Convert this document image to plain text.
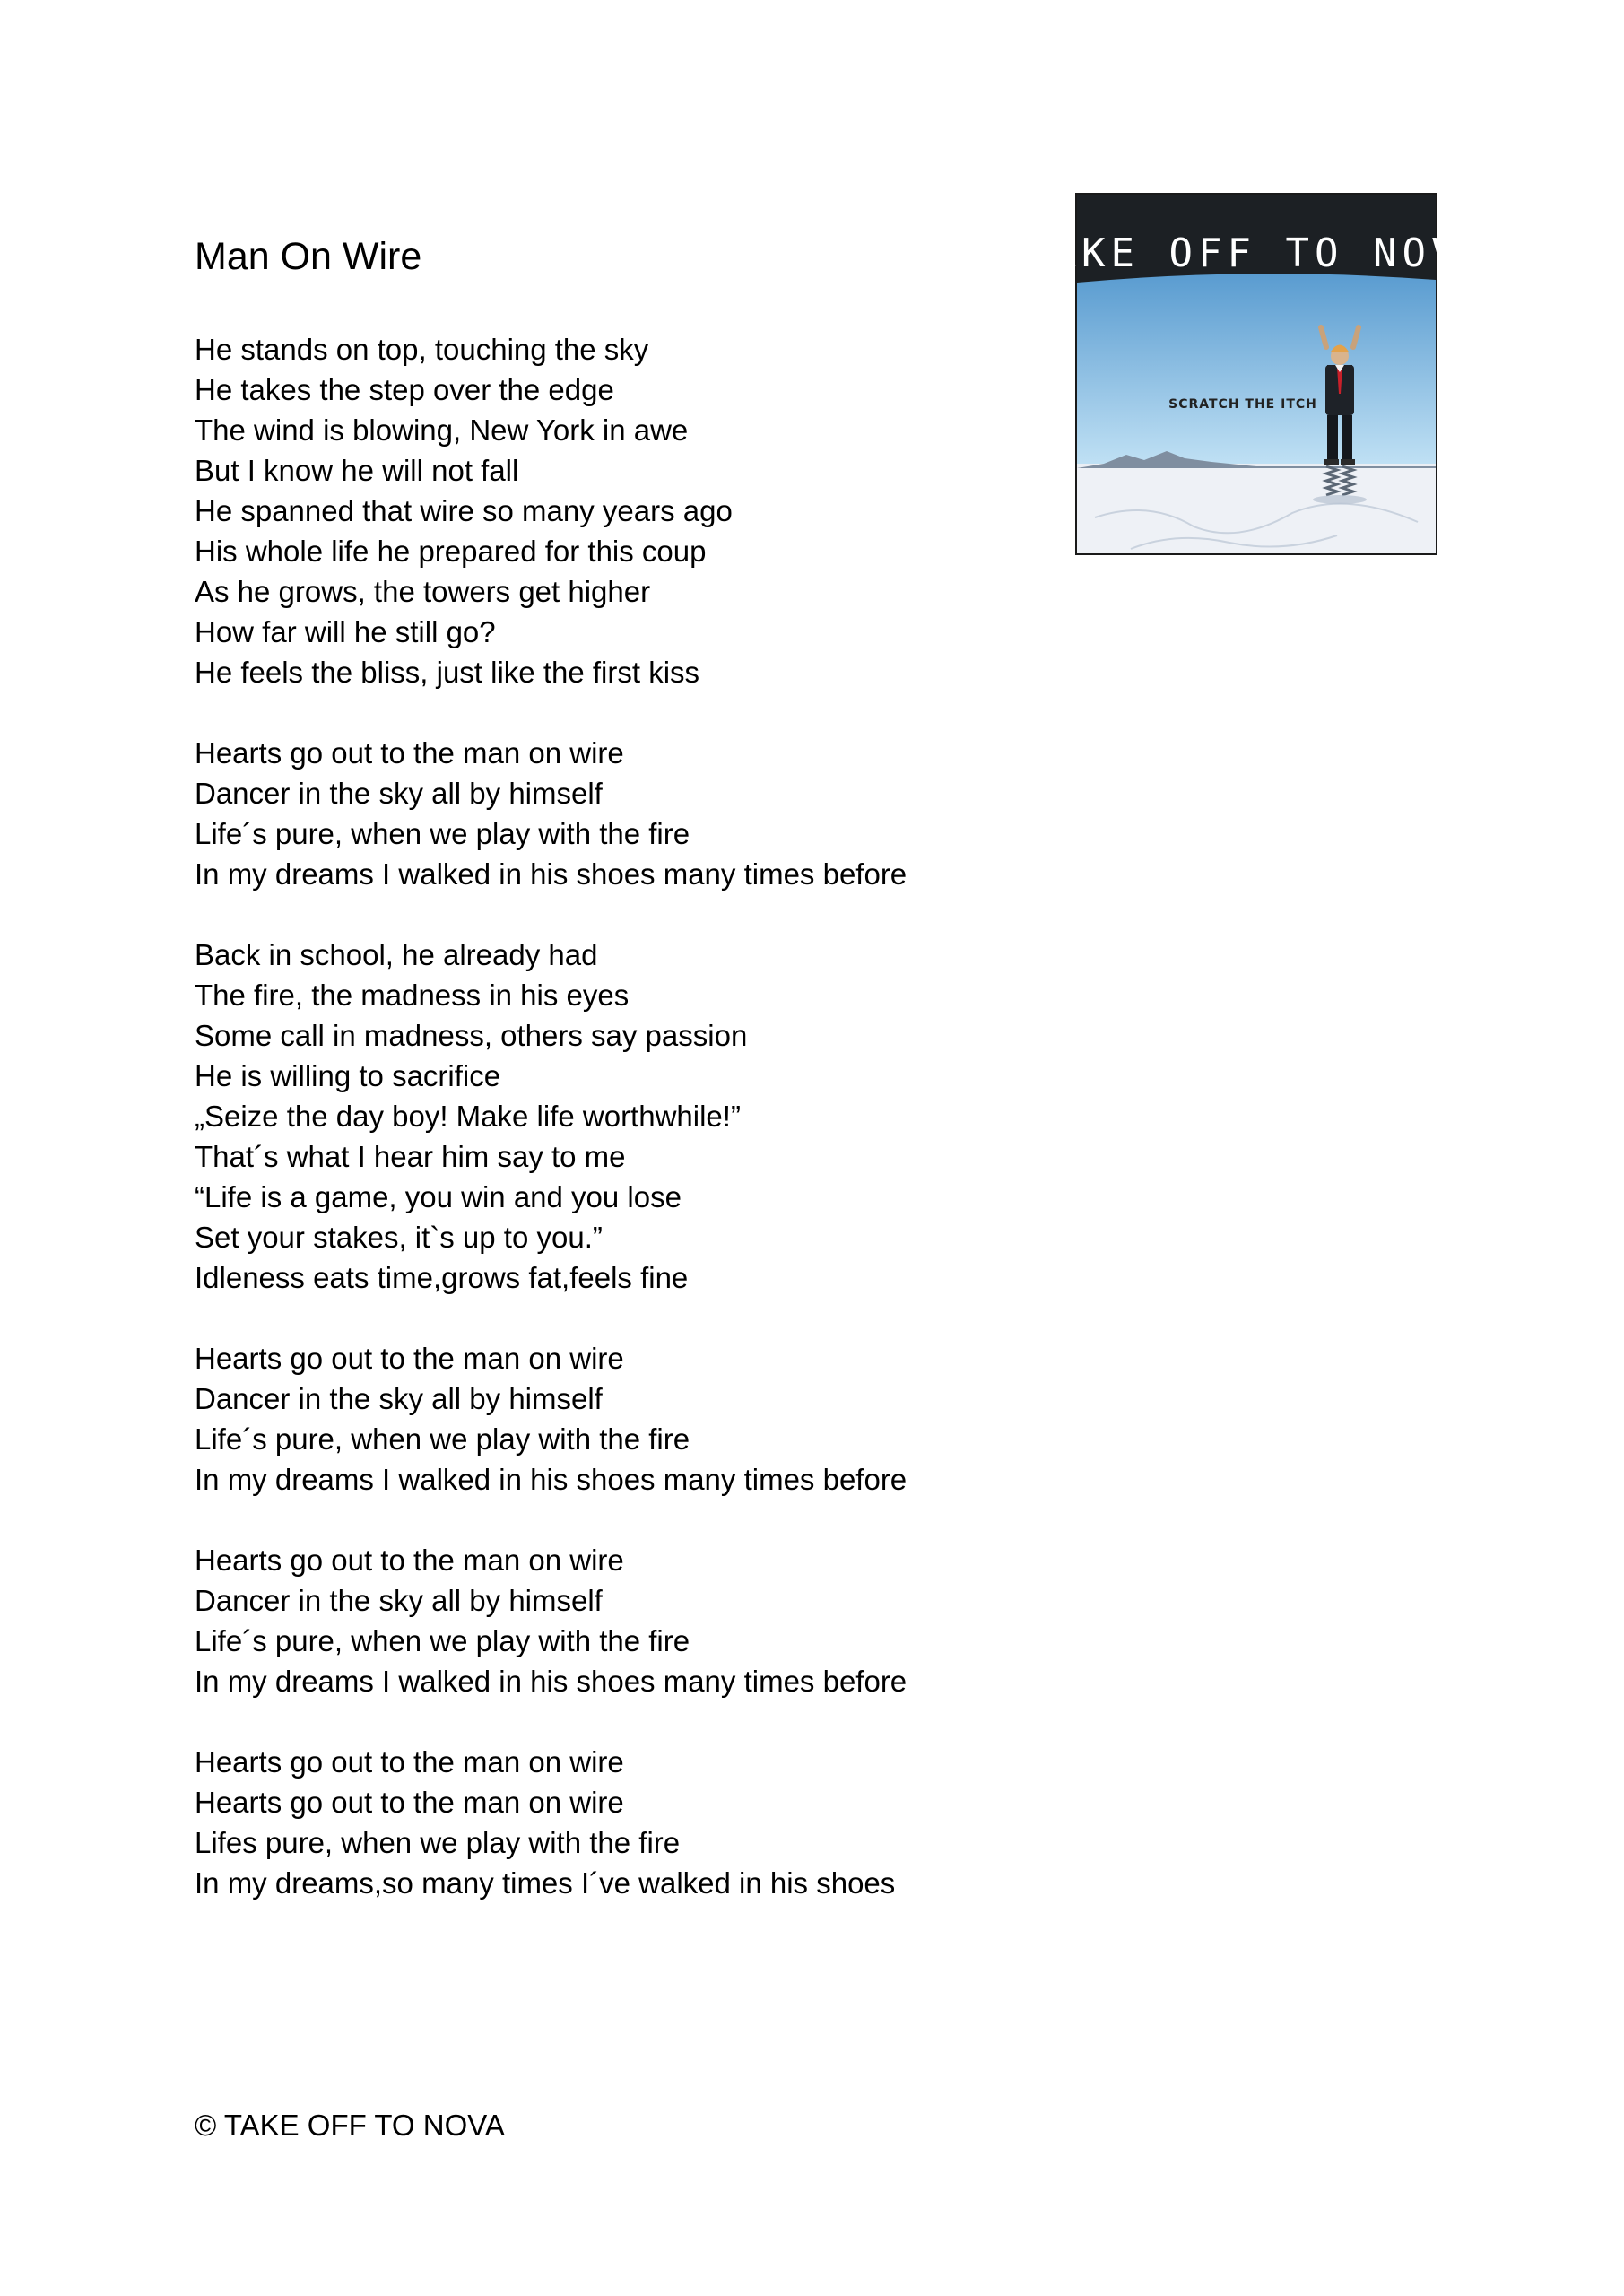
Man On Wire
He stands on top, touching the sky
He takes the step over the edge
The wind is blowing, New York in awe
But I know he will not fall
He spanned that wire so many years ago
His whole life he prepared for this coup
As he grows, the towers get higher
How far will he still go?
He feels the bliss, just like the first kiss
Hearts go out to the man on wire
Dancer in the sky all by himself
Life´s pure, when we play with the fire
In my dreams I walked in his shoes many times before
Back in school, he already had
The fire, the madness in his eyes
Some call in madness, others say passion
He is willing to sacrifice
„Seize the day boy! Make life worthwhile!”
That´s what I hear him say to me
“Life is a game, you win and you lose
Set your stakes, it`s up to you.”
Idleness eats time,grows fat,feels fine
Hearts go out to the man on wire
Dancer in the sky all by himself
Life´s pure, when we play with the fire
In my dreams I walked in his shoes many times before
Hearts go out to the man on wire
Dancer in the sky all by himself
Life´s pure, when we play with the fire
In my dreams I walked in his shoes many times before
Hearts go out to the man on wire
Hearts go out to the man on wire
Lifes pure, when we play with the fire
In my dreams,so many times I´ve walked in his shoes
TAKE OFF TO NOVA
SCRATCH THE ITCH
© TAKE OFF TO NOVA
